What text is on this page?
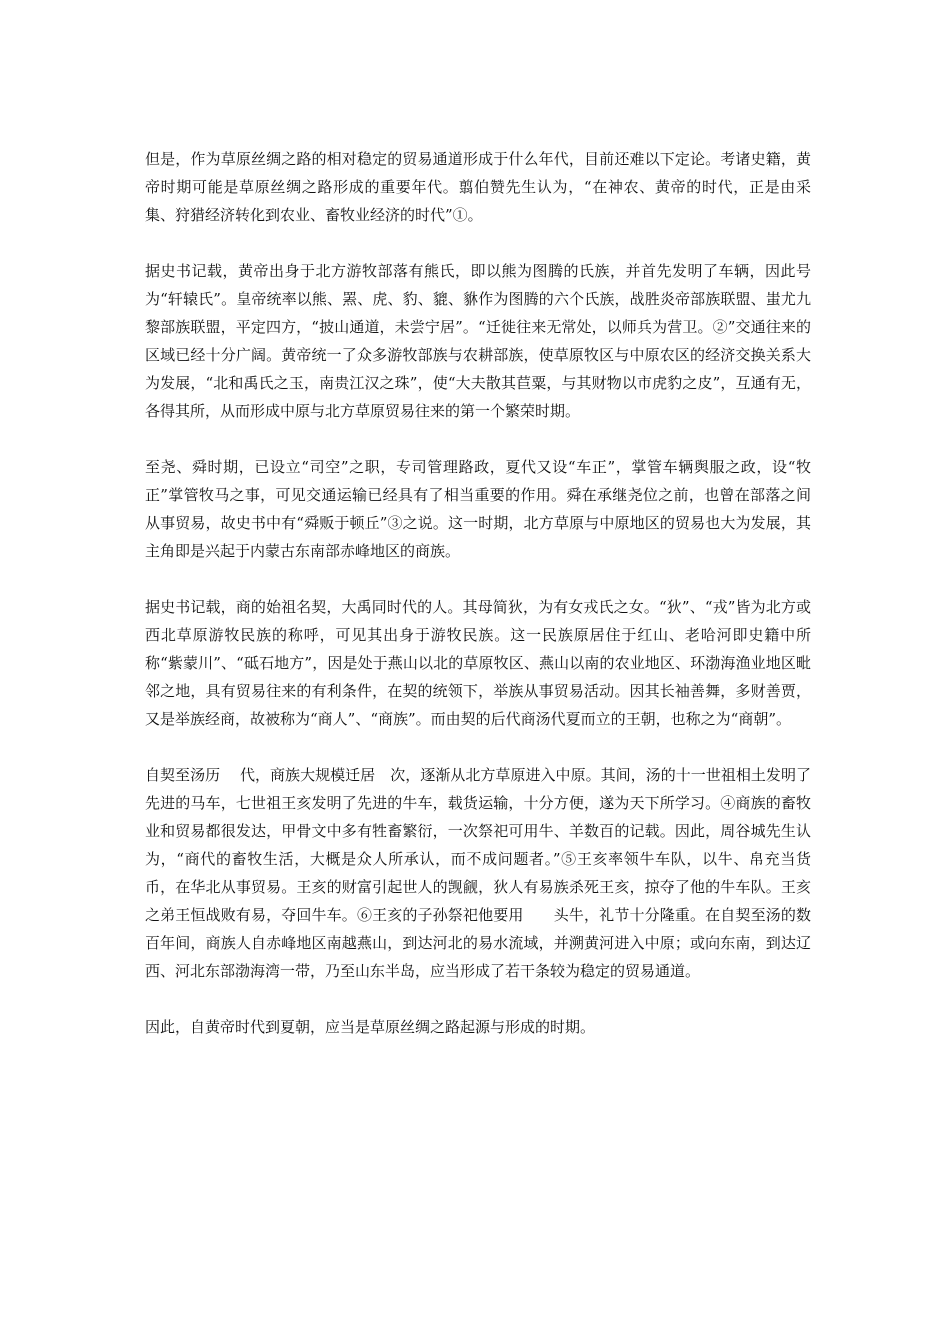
但是，作为草原丝绸之路的相对稳定的贸易通道形成于什么年代，目前还难以下定论。考诸史籍，黄帝时期可能是草原丝绸之路形成的重要年代。翦伯赞先生认为，“在神农、黄帝的时代，正是由采集、狩猎经济转化到农业、畜牧业经济的时代”①。

据史书记载，黄帝出身于北方游牧部落有熊氏，即以熊为图腾的氏族，并首先发明了车辆，因此号为“轩辕氏”。皇帝统率以熊、罴、虎、豹、貔、貅作为图腾的六个氏族，战胜炎帝部族联盟、蚩尤九黎部族联盟，平定四方，“披山通道，未尝宁居”。“迁徙往来无常处，以师兵为营卫。②”交通往来的区域已经十分广阔。黄帝统一了众多游牧部族与农耕部族，使草原牧区与中原农区的经济交换关系大为发展，“北和禹氏之玉，南贵江汉之珠”，使“大夫散其苣粟，与其财物以市虎豹之皮”，互通有无，各得其所，从而形成中原与北方草原贸易往来的第一个繁荣时期。

至尧、舜时期，已设立“司空”之职，专司管理路政，夏代又设“车正”，掌管车辆舆服之政，设“牧正”掌管牧马之事，可见交通运输已经具有了相当重要的作用。舜在承继尧位之前，也曾在部落之间从事贸易，故史书中有“舜贩于顿丘”③之说。这一时期，北方草原与中原地区的贸易也大为发展，其主角即是兴起于内蒙古东南部赤峰地区的商族。

据史书记载，商的始祖名契，大禹同时代的人。其母简狄，为有女戎氏之女。“狄”、“戎”皆为北方或西北草原游牧民族的称呼，可见其出身于游牧民族。这一民族原居住于红山、老哈河即史籍中所称“紫蒙川”、“砥石地方”，因是处于燕山以北的草原牧区、燕山以南的农业地区、环渤海渔业地区毗邻之地，具有贸易往来的有利条件，在契的统领下，举族从事贸易活动。因其长袖善舞，多财善贾，又是举族经商，故被称为“商人”、“商族”。而由契的后代商汤代夏而立的王朝，也称之为“商朝”。

自契至汤历　 代，商族大规模迁居　次，逐渐从北方草原进入中原。其间，汤的十一世祖相土发明了先进的马车，七世祖王亥发明了先进的牛车，载货运输，十分方便，遂为天下所学习。④商族的畜牧业和贸易都很发达，甲骨文中多有牲畜繁衍，一次祭祀可用牛、羊数百的记载。因此，周谷城先生认为，“商代的畜牧生活，大概是众人所承认，而不成问题者。”⑤王亥率领牛车队，以牛、帛充当货币，在华北从事贸易。王亥的财富引起世人的觊觎，狄人有易族杀死王亥，掠夺了他的牛车队。王亥之弟王恒战败有易，夺回牛车。⑥王亥的子孙祭祀他要用　　头牛，礼节十分隆重。在自契至汤的数百年间，商族人自赤峰地区南越燕山，到达河北的易水流域，并溯黄河进入中原；或向东南，到达辽西、河北东部渤海湾一带，乃至山东半岛，应当形成了若干条较为稳定的贸易通道。

因此，自黄帝时代到夏朝，应当是草原丝绸之路起源与形成的时期。
